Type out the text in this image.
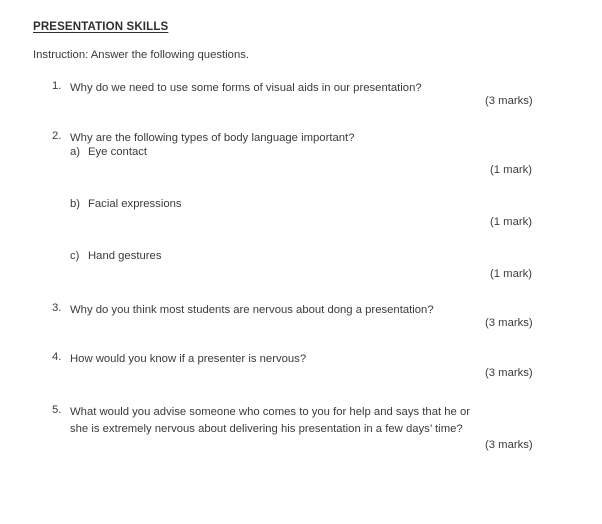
PRESENTATION SKILLS
Instruction: Answer the following questions.
1. Why do we need to use some forms of visual aids in our presentation?
(3 marks)
2. Why are the following types of body language important?
a) Eye contact
(1 mark)
b) Facial expressions
(1 mark)
c) Hand gestures
(1 mark)
3. Why do you think most students are nervous about dong a presentation?
(3 marks)
4. How would you know if a presenter is nervous?
(3 marks)
5. What would you advise someone who comes to you for help and says that he or she is extremely nervous about delivering his presentation in a few days’ time?
(3 marks)
